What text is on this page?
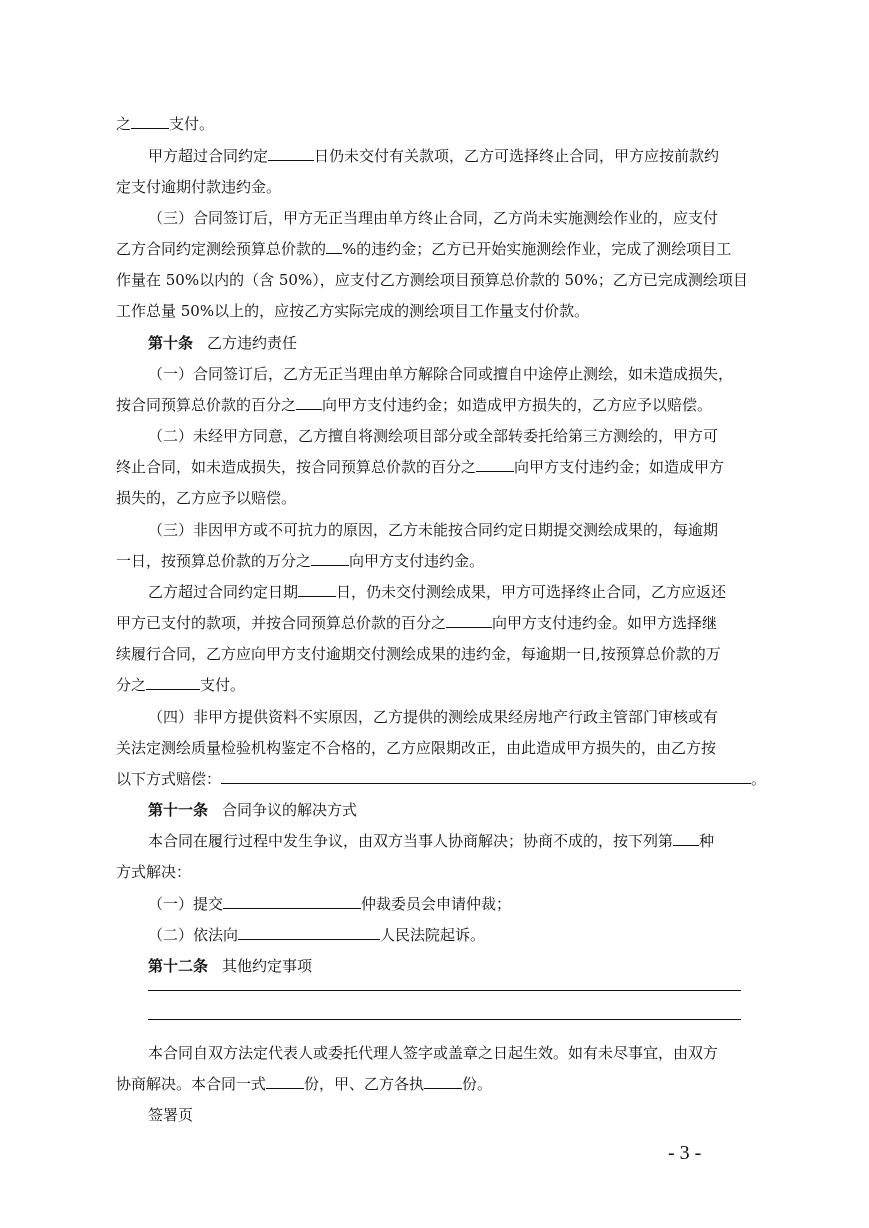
之	支付。
甲方超过合同约定	日仍未交付有关款项，乙方可选择终止合同，甲方应按前款约
定支付逾期付款违约金。
（三）合同签订后，甲方无正当理由单方终止合同，乙方尚未实施测绘作业的，应支付
乙方合同约定测绘预算总价款的 %的违约金；乙方已开始实施测绘作业，完成了测绘项目工
作量在 50%以内的（含 50%），应支付乙方测绘项目预算总价款的 50%；乙方已完成测绘项目
工作总量 50%以上的，应按乙方实际完成的测绘项目工作量支付价款。
第十条 乙方违约责任
（一）合同签订后，乙方无正当理由单方解除合同或擅自中途停止测绘，如未造成损失，
按合同预算总价款的百分之 向甲方支付违约金；如造成甲方损失的，乙方应予以赔偿。
（二）未经甲方同意，乙方擅自将测绘项目部分或全部转委托给第三方测绘的，甲方可
终止合同，如未造成损失，按合同预算总价款的百分之	向甲方支付违约金；如造成甲方
损失的，乙方应予以赔偿。
（三）非因甲方或不可抗力的原因，乙方未能按合同约定日期提交测绘成果的，每逾期
一日，按预算总价款的万分之	向甲方支付违约金。
乙方超过合同约定日期	日，仍未交付测绘成果，甲方可选择终止合同，乙方应返还
甲方已支付的款项，并按合同预算总价款的百分之	向甲方支付违约金。如甲方选择继
续履行合同，乙方应向甲方支付逾期交付测绘成果的违约金，每逾期一日,按预算总价款的万
分之	支付。
（四）非甲方提供资料不实原因，乙方提供的测绘成果经房地产行政主管部门审核或有
关法定测绘质量检验机构鉴定不合格的，乙方应限期改正，由此造成甲方损失的，由乙方按
以下方式赔偿：	。
第十一条 合同争议的解决方式
本合同在履行过程中发生争议，由双方当事人协商解决；协商不成的，按下列第 种
方式解决：
（一）提交	仲裁委员会申请仲裁；
（二）依法向	人民法院起诉。
第十二条 其他约定事项
本合同自双方法定代表人或委托代理人签字或盖章之日起生效。如有未尽事宜，由双方
协商解决。本合同一式	份，甲、乙方各执	份。
签署页
- 3 -
